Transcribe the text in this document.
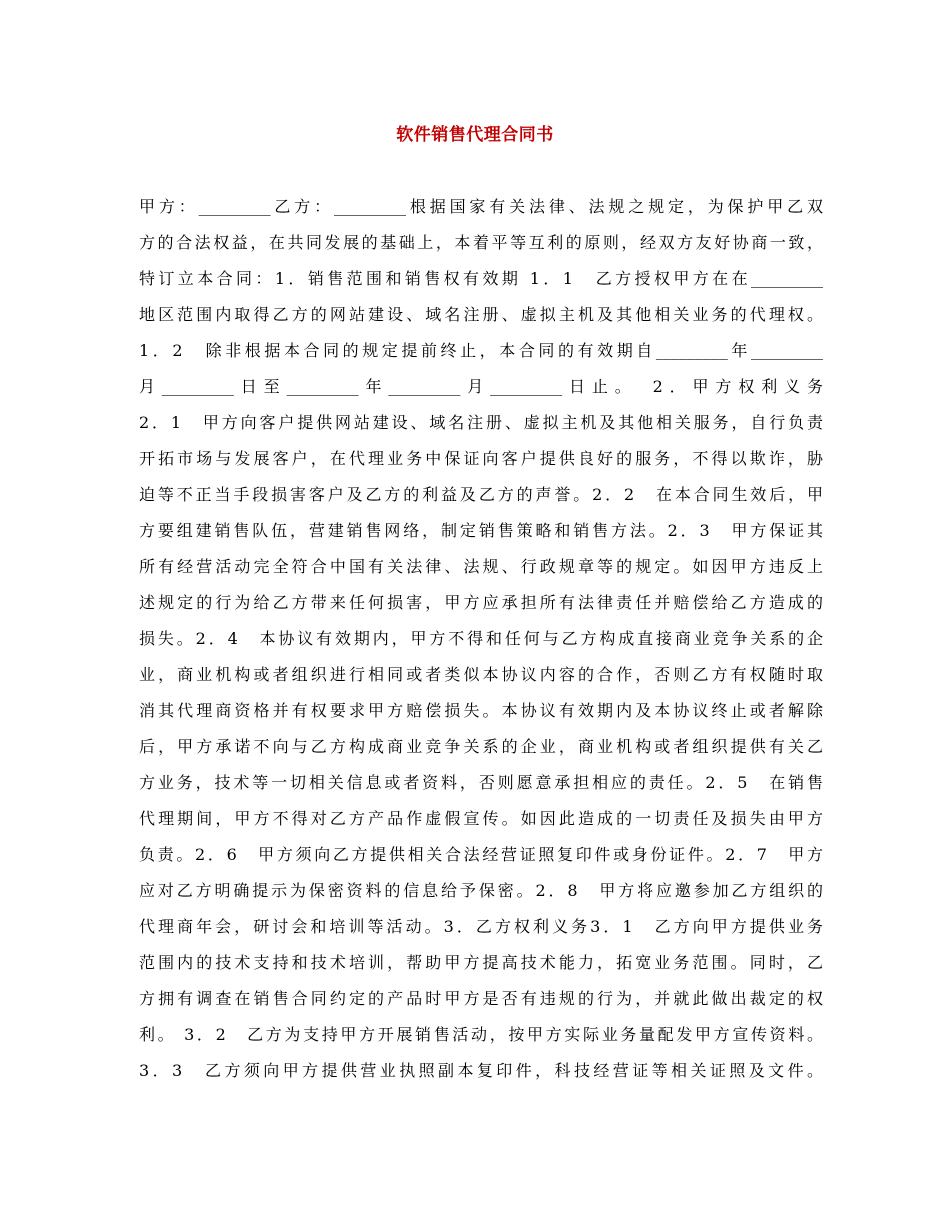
软件销售代理合同书
甲方：_________乙方：_________根据国家有关法律、法规之规定，为保护甲乙双
方的合法权益，在共同发展的基础上，本着平等互利的原则，经双方友好协商一致，
特订立本合同：1．销售范围和销售权有效期 1．1　乙方授权甲方在在_________
地区范围内取得乙方的网站建设、域名注册、虚拟主机及其他相关业务的代理权。
1．2　除非根据本合同的规定提前终止，本合同的有效期自_________年_________
月_________日至_________年_________月_________日止。　2．甲方权利义务
2．1　甲方向客户提供网站建设、域名注册、虚拟主机及其他相关服务，自行负责
开拓市场与发展客户，在代理业务中保证向客户提供良好的服务，不得以欺诈，胁
迫等不正当手段损害客户及乙方的利益及乙方的声誉。2．2　在本合同生效后，甲
方要组建销售队伍，营建销售网络，制定销售策略和销售方法。2．3　甲方保证其
所有经营活动完全符合中国有关法律、法规、行政规章等的规定。如因甲方违反上
述规定的行为给乙方带来任何损害，甲方应承担所有法律责任并赔偿给乙方造成的
损失。2．4　本协议有效期内，甲方不得和任何与乙方构成直接商业竞争关系的企
业，商业机构或者组织进行相同或者类似本协议内容的合作，否则乙方有权随时取
消其代理商资格并有权要求甲方赔偿损失。本协议有效期内及本协议终止或者解除
后，甲方承诺不向与乙方构成商业竞争关系的企业，商业机构或者组织提供有关乙
方业务，技术等一切相关信息或者资料，否则愿意承担相应的责任。2．5　在销售
代理期间，甲方不得对乙方产品作虚假宣传。如因此造成的一切责任及损失由甲方
负责。2．6　甲方须向乙方提供相关合法经营证照复印件或身份证件。2．7　甲方
应对乙方明确提示为保密资料的信息给予保密。2．8　甲方将应邀参加乙方组织的
代理商年会，研讨会和培训等活动。3．乙方权利义务3．1　乙方向甲方提供业务
范围内的技术支持和技术培训，帮助甲方提高技术能力，拓宽业务范围。同时，乙
方拥有调查在销售合同约定的产品时甲方是否有违规的行为，并就此做出裁定的权
利。 3．2　乙方为支持甲方开展销售活动，按甲方实际业务量配发甲方宣传资料。
3．3　乙方须向甲方提供营业执照副本复印件，科技经营证等相关证照及文件。
